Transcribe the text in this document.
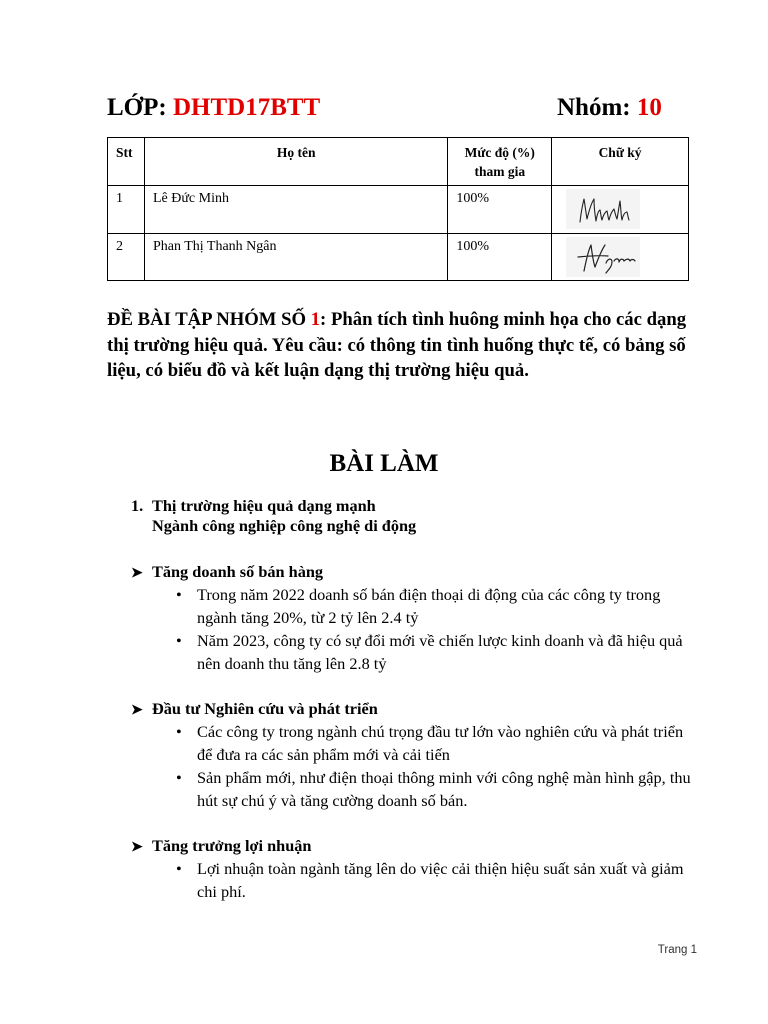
LỚP: DHTD17BTT	Nhóm: 10
Stt	Họ tên	Mức độ (%) tham gia	Chữ ký
1	Lê Đức Minh	100%	

2	Phan Thị Thanh Ngân	100%	
ĐỀ BÀI TẬP NHÓM SỐ 1: Phân tích tình huông minh họa cho các dạng thị trường hiệu quả. Yêu cầu: có thông tin tình huống thực tế, có bảng số liệu, có biểu đồ và kết luận dạng thị trường hiệu quả.
BÀI LÀM
1. Thị trường hiệu quả dạng mạnh
Ngành công nghiệp công nghệ di động
➤ Tăng doanh số bán hàng
• Trong năm 2022 doanh số bán điện thoại di động của các công ty trong ngành tăng 20%, từ 2 tỷ lên 2.4 tỷ
• Năm 2023, công ty có sự đổi mới về chiến lược kinh doanh và đã hiệu quả nên doanh thu tăng lên 2.8 tỷ
➤ Đầu tư Nghiên cứu và phát triển
• Các công ty trong ngành chú trọng đầu tư lớn vào nghiên cứu và phát triển để đưa ra các sản phẩm mới và cải tiến
• Sản phẩm mới, như điện thoại thông minh với công nghệ màn hình gập, thu hút sự chú ý và tăng cường doanh số bán.
➤ Tăng trưởng lợi nhuận
• Lợi nhuận toàn ngành tăng lên do việc cải thiện hiệu suất sản xuất và giảm chi phí.
Trang 1
